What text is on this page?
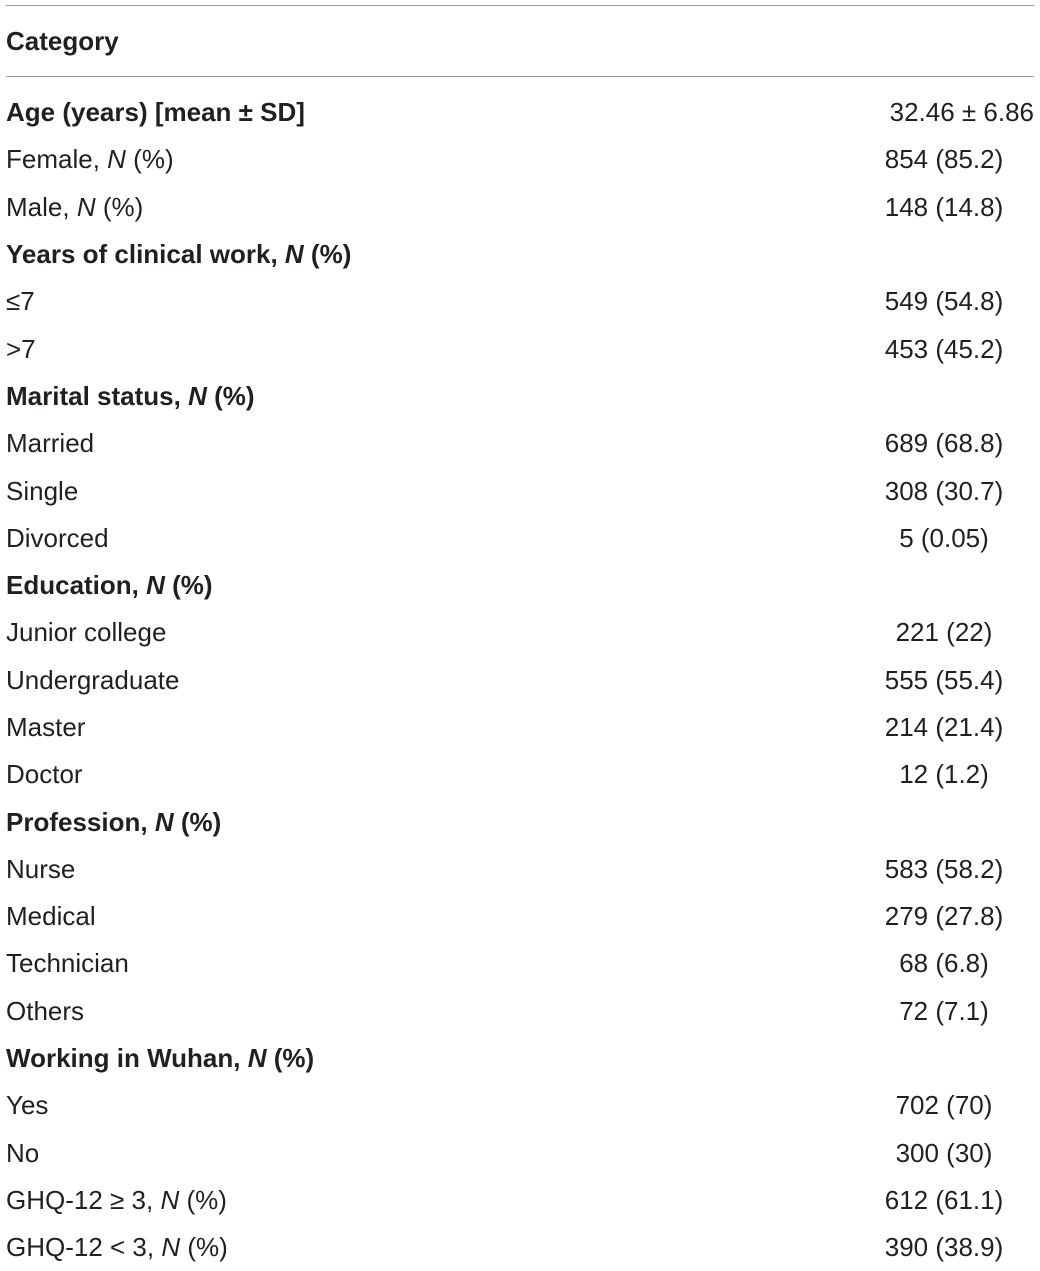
Category
Age (years) [mean ± SD]	32.46 ± 6.86
Female, N (%)	854 (85.2)
Male, N (%)	148 (14.8)
Years of clinical work, N (%)
≤7	549 (54.8)
>7	453 (45.2)
Marital status, N (%)
Married	689 (68.8)
Single	308 (30.7)
Divorced	5 (0.05)
Education, N (%)
Junior college	221 (22)
Undergraduate	555 (55.4)
Master	214 (21.4)
Doctor	12 (1.2)
Profession, N (%)
Nurse	583 (58.2)
Medical	279 (27.8)
Technician	68 (6.8)
Others	72 (7.1)
Working in Wuhan, N (%)
Yes	702 (70)
No	300 (30)
GHQ-12 ≥ 3, N (%)	612 (61.1)
GHQ-12 < 3, N (%)	390 (38.9)
